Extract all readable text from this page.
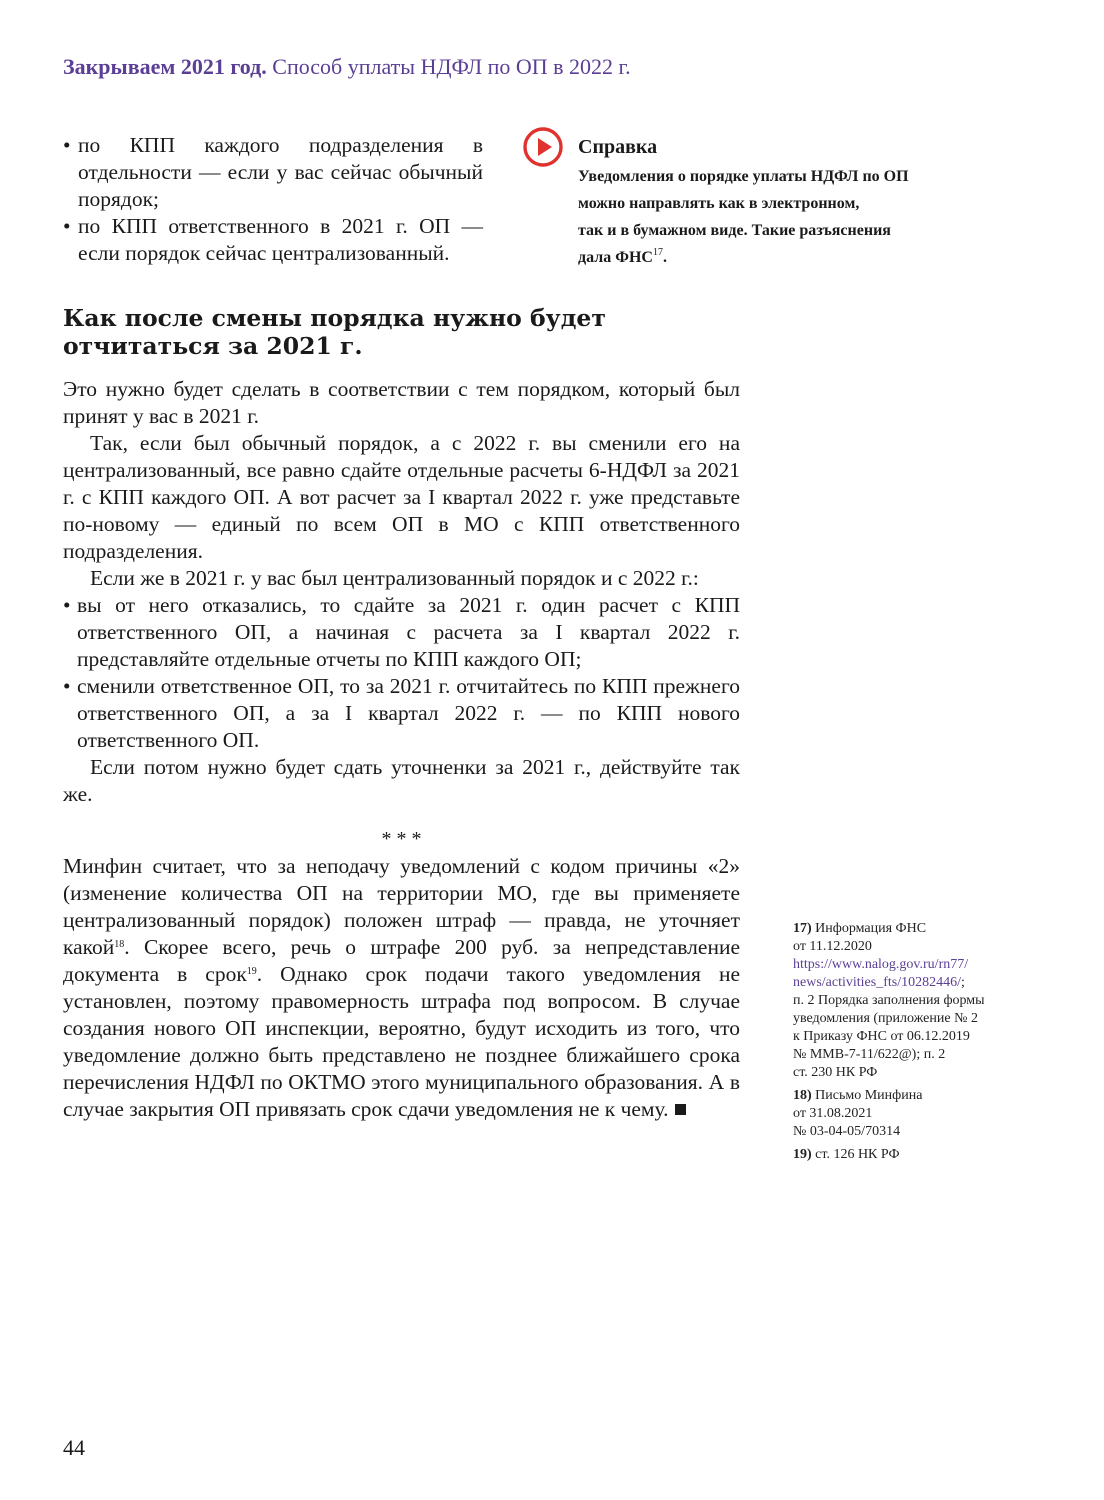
Закрываем 2021 год. Способ уплаты НДФЛ по ОП в 2022 г.
• по КПП каждого подразделения в отдельности — если у вас сейчас обычный порядок;
• по КПП ответственного в 2021 г. ОП — если порядок сейчас централизованный.
Справка
Уведомления о порядке уплаты НДФЛ по ОП
можно направлять как в электронном,
так и в бумажном виде. Такие разъяснения
дала ФНС$^{17}$.
Как после смены порядка нужно будет отчитаться за 2021 г.

Это нужно будет сделать в соответствии с тем порядком, который был принят у вас в 2021 г.

Так, если был обычный порядок, а с 2022 г. вы сменили его на централизованный, все равно сдайте отдельные расчеты 6-НДФЛ за 2021 г. с КПП каждого ОП. А вот расчет за I квартал 2022 г. уже представьте по-новому — единый по всем ОП в МО с КПП ответственного подразделения.

Если же в 2021 г. у вас был централизованный порядок и с 2022 г.:

• вы от него отказались, то сдайте за 2021 г. один расчет с КПП ответственного ОП, а начиная с расчета за I квартал 2022 г. представляйте отдельные отчеты по КПП каждого ОП;
• сменили ответственное ОП, то за 2021 г. отчитайтесь по КПП прежнего ответственного ОП, а за I квартал 2022 г. — по КПП нового ответственного ОП.

Если потом нужно будет сдать уточненки за 2021 г., действуйте так же.

* * *

Минфин считает, что за неподачу уведомлений с кодом причины «2» (изменение количества ОП на территории МО, где вы применяете централизованный порядок) положен штраф — правда, не уточняет какой$^{18}$. Скорее всего, речь о штрафе 200 руб. за непредставление документа в срок$^{19}$. Однако срок подачи такого уведомления не установлен, поэтому правомерность штрафа под вопросом. В случае создания нового ОП инспекции, вероятно, будут исходить из того, что уведомление должно быть представлено не позднее ближайшего срока перечисления НДФЛ по ОКТМО этого муниципального образования. А в случае закрытия ОП привязать срок сдачи уведомления не к чему.

17) Информация ФНС
от 11.12.2020
https://www.nalog.gov.ru/rn77/
news/activities_fts/10282446/;
п. 2 Порядка заполнения формы
уведомления (приложение № 2
к Приказу ФНС от 06.12.2019
№ ММВ-7-11/622@); п. 2
ст. 230 НК РФ
18) Письмо Минфина
от 31.08.2021
№ 03-04-05/70314
19) ст. 126 НК РФ
44
